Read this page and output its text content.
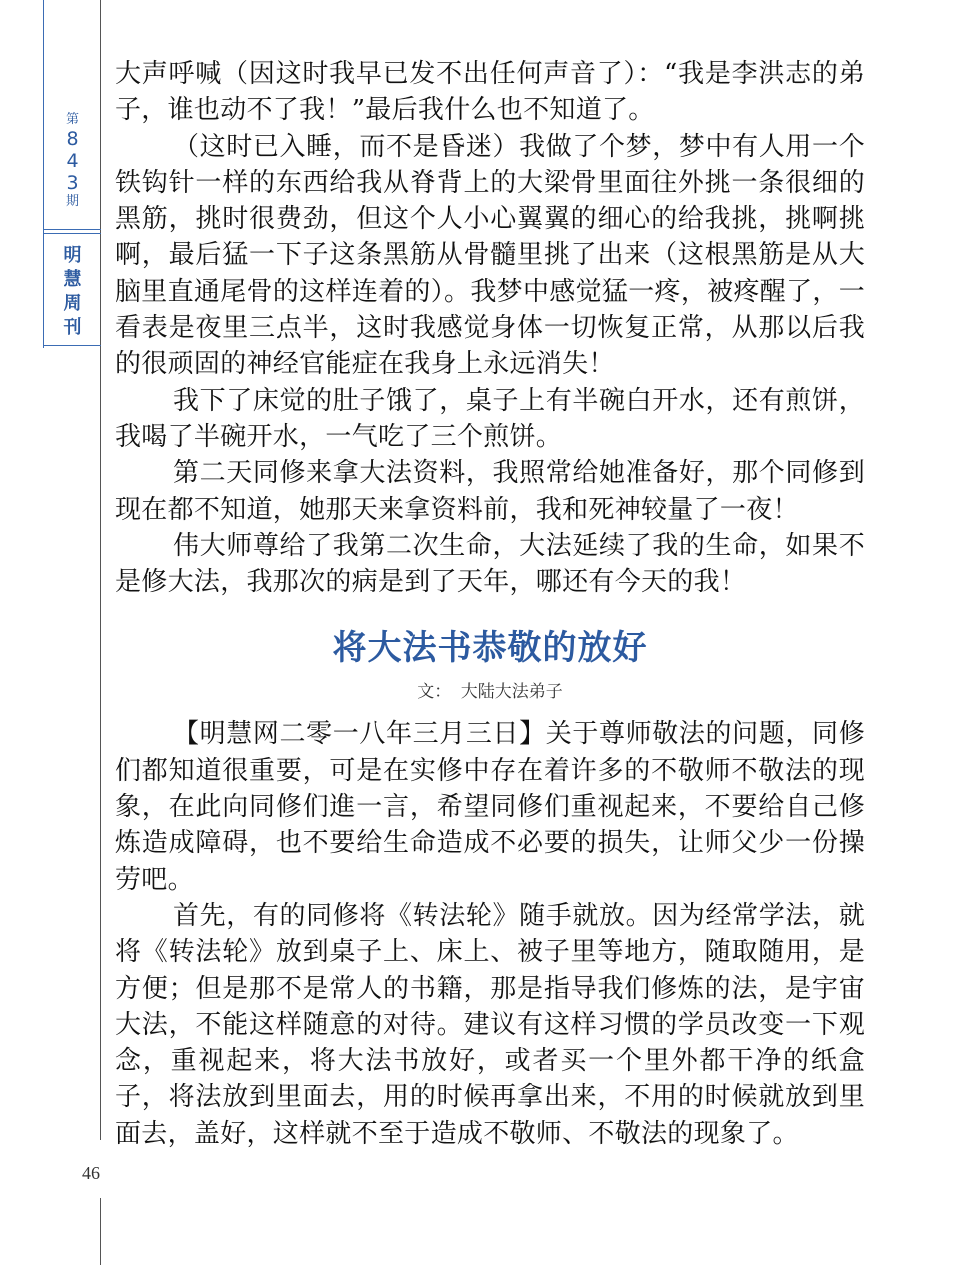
第
8
4
3
期
明
慧
周
刊

大声呼喊（因这时我早已发不出任何声音了）：“我是李洪志的弟子，谁也动不了我！”最后我什么也不知道了。

（这时已入睡，而不是昏迷）我做了个梦，梦中有人用一个铁钩针一样的东西给我从脊背上的大梁骨里面往外挑一条很细的黑筋，挑时很费劲，但这个人小心翼翼的细心的给我挑，挑啊挑啊，最后猛一下子这条黑筋从骨髓里挑了出来（这根黑筋是从大脑里直通尾骨的这样连着的）。我梦中感觉猛一疼，被疼醒了，一看表是夜里三点半，这时我感觉身体一切恢复正常，从那以后我的很顽固的神经官能症在我身上永远消失！

我下了床觉的肚子饿了，桌子上有半碗白开水，还有煎饼，我喝了半碗开水，一气吃了三个煎饼。

第二天同修来拿大法资料，我照常给她准备好，那个同修到现在都不知道，她那天来拿资料前，我和死神较量了一夜！

伟大师尊给了我第二次生命，大法延续了我的生命，如果不是修大法，我那次的病是到了天年，哪还有今天的我！

将大法书恭敬的放好
文： 大陆大法弟子

【明慧网二零一八年三月三日】关于尊师敬法的问题，同修们都知道很重要，可是在实修中存在着许多的不敬师不敬法的现象，在此向同修们進一言，希望同修们重视起来，不要给自己修炼造成障碍，也不要给生命造成不必要的损失，让师父少一份操劳吧。

首先，有的同修将《转法轮》随手就放。因为经常学法，就将《转法轮》放到桌子上、床上、被子里等地方，随取随用，是方便；但是那不是常人的书籍，那是指导我们修炼的法，是宇宙大法，不能这样随意的对待。建议有这样习惯的学员改变一下观念，重视起来，将大法书放好，或者买一个里外都干净的纸盒子，将法放到里面去，用的时候再拿出来，不用的时候就放到里面去，盖好，这样就不至于造成不敬师、不敬法的现象了。

46
